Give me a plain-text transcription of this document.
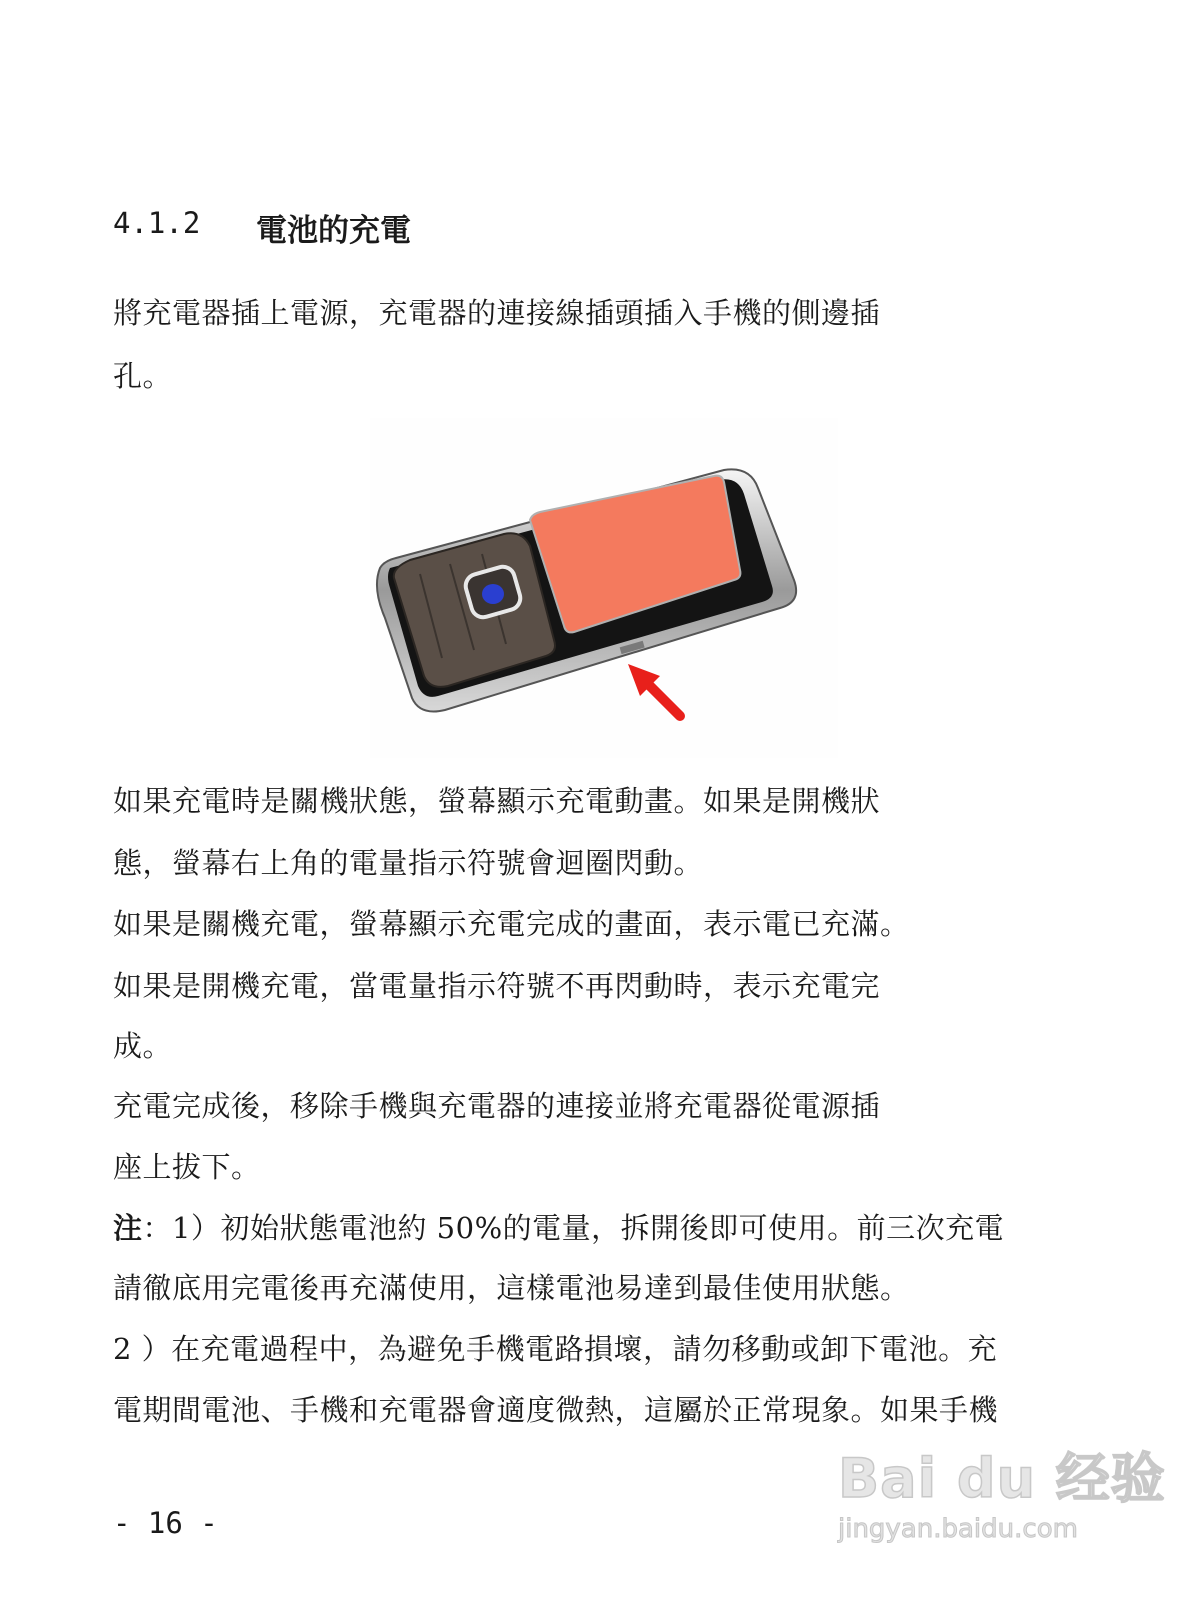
4.1.2 電池的充電
將充電器插上電源，充電器的連接線插頭插入手機的側邊插
孔。
如果充電時是關機狀態，螢幕顯示充電動畫。如果是開機狀
態，螢幕右上角的電量指示符號會迴圈閃動。
如果是關機充電，螢幕顯示充電完成的畫面，表示電已充滿。
如果是開機充電，當電量指示符號不再閃動時，表示充電完
成。
充電完成後，移除手機與充電器的連接並將充電器從電源插
座上拔下。
注：1）初始狀態電池約 50%的電量，拆開後即可使用。前三次充電
請徹底用完電後再充滿使用，這樣電池易達到最佳使用狀態。
2 ）在充電過程中，為避免手機電路損壞，請勿移動或卸下電池。充
電期間電池、手機和充電器會適度微熱，這屬於正常現象。如果手機
- 16 -
Bai du 经验
jingyan.baidu.com
